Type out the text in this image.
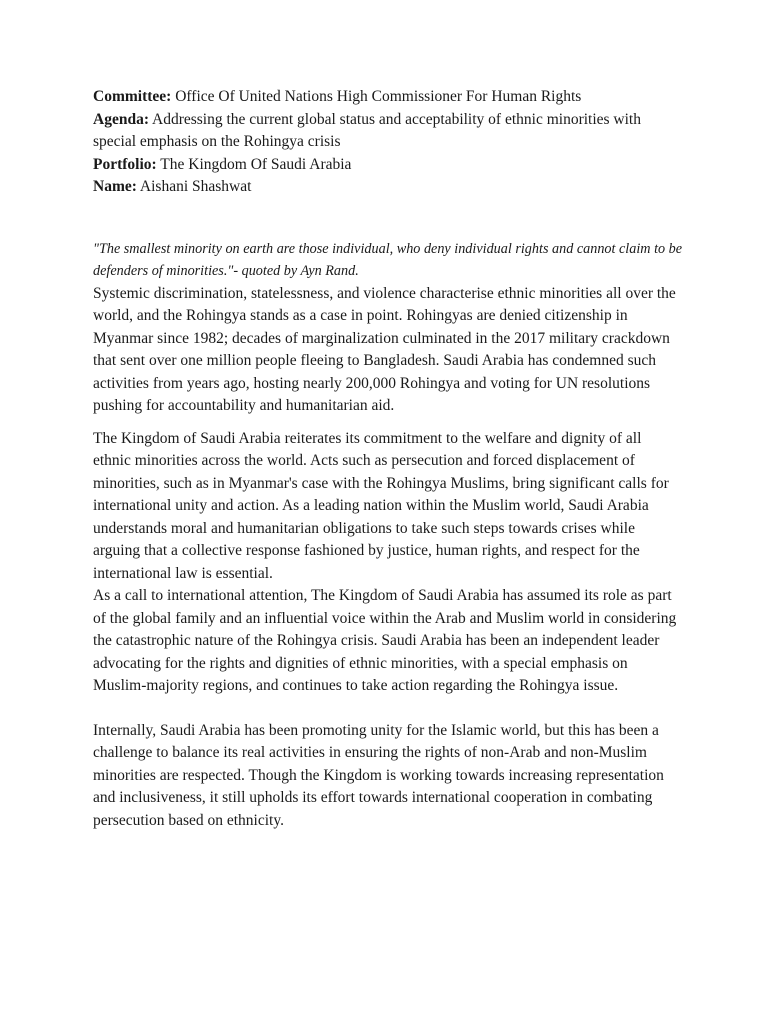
Committee: Office Of United Nations High Commissioner For Human Rights

Agenda: Addressing the current global status and acceptability of ethnic minorities with special emphasis on the Rohingya crisis

Portfolio: The Kingdom Of Saudi Arabia

Name: Aishani Shashwat

"The smallest minority on earth are those individual, who deny individual rights and cannot claim to be defenders of minorities."- quoted by Ayn Rand.

Systemic discrimination, statelessness, and violence characterise ethnic minorities all over the world, and the Rohingya stands as a case in point. Rohingyas are denied citizenship in Myanmar since 1982; decades of marginalization culminated in the 2017 military crackdown that sent over one million people fleeing to Bangladesh. Saudi Arabia has condemned such activities from years ago, hosting nearly 200,000 Rohingya and voting for UN resolutions pushing for accountability and humanitarian aid.

The Kingdom of Saudi Arabia reiterates its commitment to the welfare and dignity of all ethnic minorities across the world. Acts such as persecution and forced displacement of minorities, such as in Myanmar's case with the Rohingya Muslims, bring significant calls for international unity and action. As a leading nation within the Muslim world, Saudi Arabia understands moral and humanitarian obligations to take such steps towards crises while arguing that a collective response fashioned by justice, human rights, and respect for the international law is essential.

As a call to international attention, The Kingdom of Saudi Arabia has assumed its role as part of the global family and an influential voice within the Arab and Muslim world in considering the catastrophic nature of the Rohingya crisis. Saudi Arabia has been an independent leader advocating for the rights and dignities of ethnic minorities, with a special emphasis on Muslim-majority regions, and continues to take action regarding the Rohingya issue.

Internally, Saudi Arabia has been promoting unity for the Islamic world, but this has been a challenge to balance its real activities in ensuring the rights of non-Arab and non-Muslim minorities are respected. Though the Kingdom is working towards increasing representation and inclusiveness, it still upholds its effort towards international cooperation in combating persecution based on ethnicity.
